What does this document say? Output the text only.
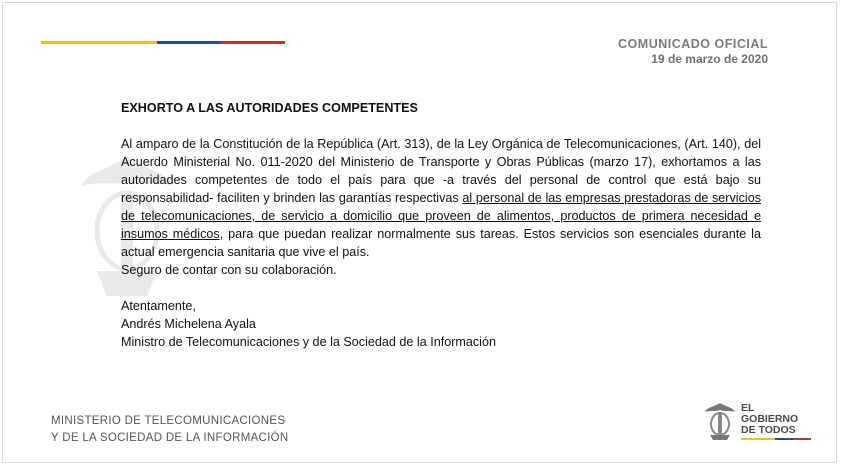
COMUNICADO OFICIAL
19 de marzo de 2020
EXHORTO A LAS AUTORIDADES COMPETENTES
Al amparo de la Constitución de la República (Art. 313), de la Ley Orgánica de Telecomunicaciones, (Art. 140), del Acuerdo Ministerial No. 011-2020 del Ministerio de Transporte y Obras Públicas (marzo 17), exhortamos a las autoridades competentes de todo el país para que -a través del personal de control que está bajo su responsabilidad- faciliten y brinden las garantías respectivas al personal de las empresas prestadoras de servicios de telecomunicaciones, de servicio a domicilio que proveen de alimentos, productos de primera necesidad e insumos médicos, para que puedan realizar normalmente sus tareas. Estos servicios son esenciales durante la actual emergencia sanitaria que vive el país.
Seguro de contar con su colaboración.
Atentamente,
Andrés Michelena Ayala
Ministro de Telecomunicaciones y de la Sociedad de la Información
MINISTERIO DE TELECOMUNICACIONES
Y DE LA SOCIEDAD DE LA INFORMACIÓN
EL
GOBIERNO
DE TODOS
